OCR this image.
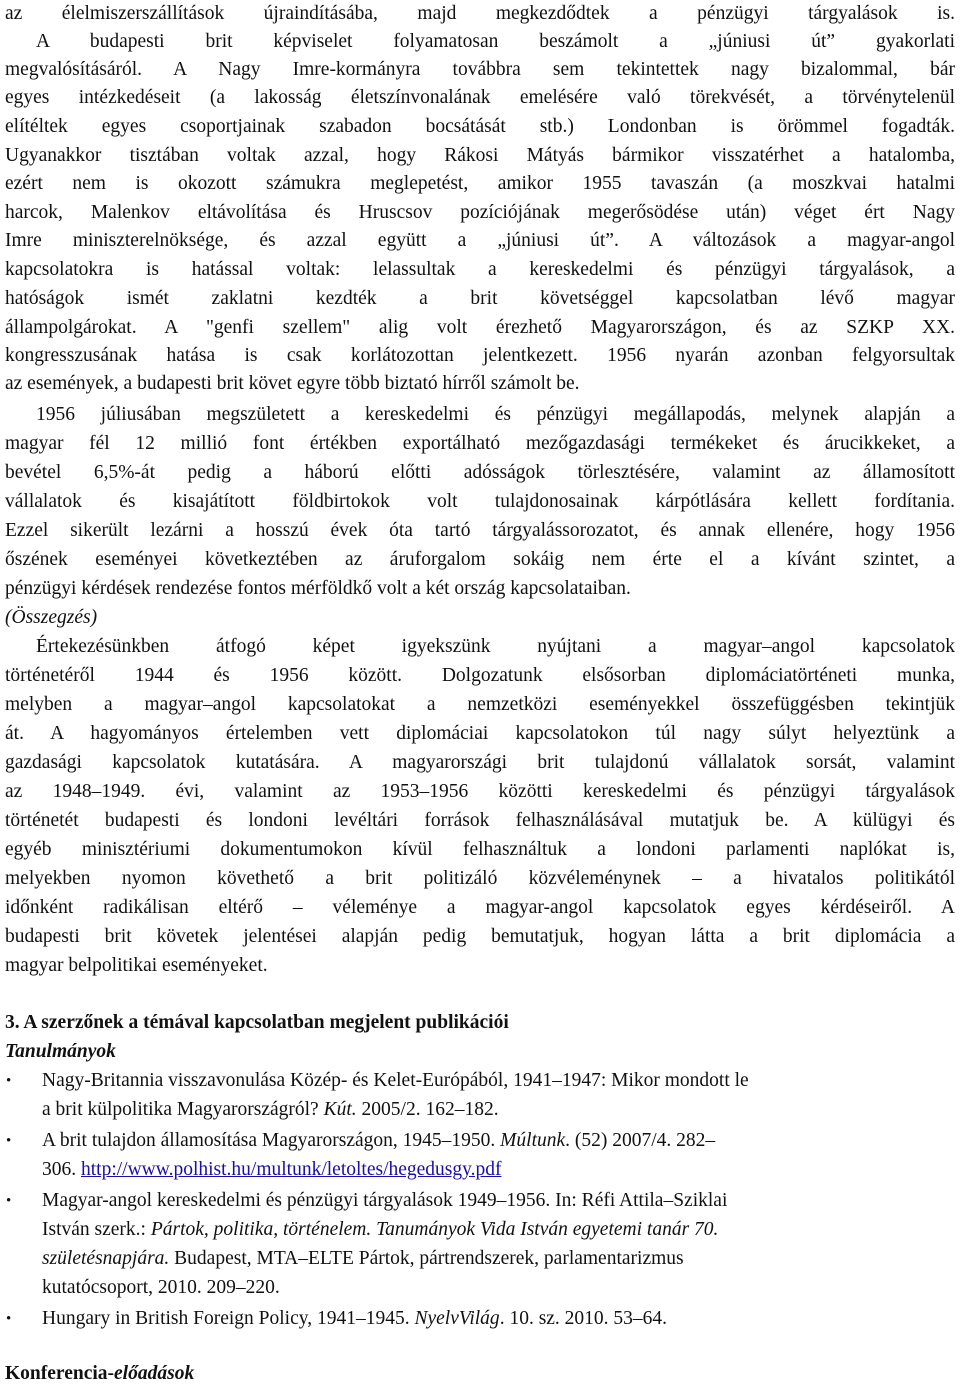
az élelmiszerszállítások újraindításába, majd megkezdődtek a pénzügyi tárgyalások is.
A budapesti brit képviselet folyamatosan beszámolt a „júniusi út” gyakorlati
megvalósításáról. A Nagy Imre-kormányra továbbra sem tekintettek nagy bizalommal, bár
egyes intézkedéseit (a lakosság életszínvonalának emelésére való törekvését, a törvénytelenül
elítéltek egyes csoportjainak szabadon bocsátását stb.) Londonban is örömmel fogadták.
Ugyanakkor tisztában voltak azzal, hogy Rákosi Mátyás bármikor visszatérhet a hatalomba,
ezért nem is okozott számukra meglepetést, amikor 1955 tavaszán (a moszkvai hatalmi
harcok, Malenkov eltávolítása és Hruscsov pozíciójának megerősödése után) véget ért Nagy
Imre miniszterelnöksége, és azzal együtt a „júniusi út”. A változások a magyar-angol
kapcsolatokra is hatással voltak: lelassultak a kereskedelmi és pénzügyi tárgyalások, a
hatóságok ismét zaklatni kezdték a brit követséggel kapcsolatban lévő magyar
állampolgárokat. A "genfi szellem" alig volt érezhető Magyarországon, és az SZKP XX.
kongresszusának hatása is csak korlátozottan jelentkezett. 1956 nyarán azonban felgyorsultak
az események, a budapesti brit követ egyre több biztató hírről számolt be.
1956 júliusában megszületett a kereskedelmi és pénzügyi megállapodás, melynek alapján a
magyar fél 12 millió font értékben exportálható mezőgazdasági termékeket és árucikkeket, a
bevétel 6,5%-át pedig a háború előtti adósságok törlesztésére, valamint az államosított
vállalatok és kisajátított földbirtokok volt tulajdonosainak kárpótlására kellett fordítania.
Ezzel sikerült lezárni a hosszú évek óta tartó tárgyalássorozatot, és annak ellenére, hogy 1956
őszének eseményei következtében az áruforgalom sokáig nem érte el a kívánt szintet, a
pénzügyi kérdések rendezése fontos mérföldkő volt a két ország kapcsolataiban.
(Összegzés)
Értekezésünkben átfogó képet igyekszünk nyújtani a magyar–angol kapcsolatok
történetéről 1944 és 1956 között. Dolgozatunk elsősorban diplomáciatörténeti munka,
melyben a magyar–angol kapcsolatokat a nemzetközi eseményekkel összefüggésben tekintjük
át. A hagyományos értelemben vett diplomáciai kapcsolatokon túl nagy súlyt helyeztünk a
gazdasági kapcsolatok kutatására. A magyarországi brit tulajdonú vállalatok sorsát, valamint
az 1948–1949. évi, valamint az 1953–1956 közötti kereskedelmi és pénzügyi tárgyalások
történetét budapesti és londoni levéltári források felhasználásával mutatjuk be. A külügyi és
egyéb minisztériumi dokumentumokon kívül felhasználtuk a londoni parlamenti naplókat is,
melyekben nyomon követhető a brit politizáló közvéleménynek – a hivatalos politikától
időnként radikálisan eltérő – véleménye a magyar-angol kapcsolatok egyes kérdéseiről. A
budapesti brit követek jelentései alapján pedig bemutatjuk, hogyan látta a brit diplomácia a
magyar belpolitikai eseményeket.
3. A szerzőnek a témával kapcsolatban megjelent publikációi
Tanulmányok
• Nagy-Britannia visszavonulása Közép- és Kelet-Európából, 1941–1947: Mikor mondott le
a brit külpolitika Magyarországról? Kút. 2005/2. 162–182.
• A brit tulajdon államosítása Magyarországon, 1945–1950. Múltunk. (52) 2007/4. 282–
306. http://www.polhist.hu/multunk/letoltes/hegedusgy.pdf
• Magyar-angol kereskedelmi és pénzügyi tárgyalások 1949–1956. In: Réfi Attila–Sziklai
István szerk.: Pártok, politika, történelem. Tanumányok Vida István egyetemi tanár 70.
születésnapjára. Budapest, MTA–ELTE Pártok, pártrendszerek, parlamentarizmus
kutatócsoport, 2010. 209–220.
• Hungary in British Foreign Policy, 1941–1945. NyelvVilág. 10. sz. 2010. 53–64.
Konferencia-előadások
